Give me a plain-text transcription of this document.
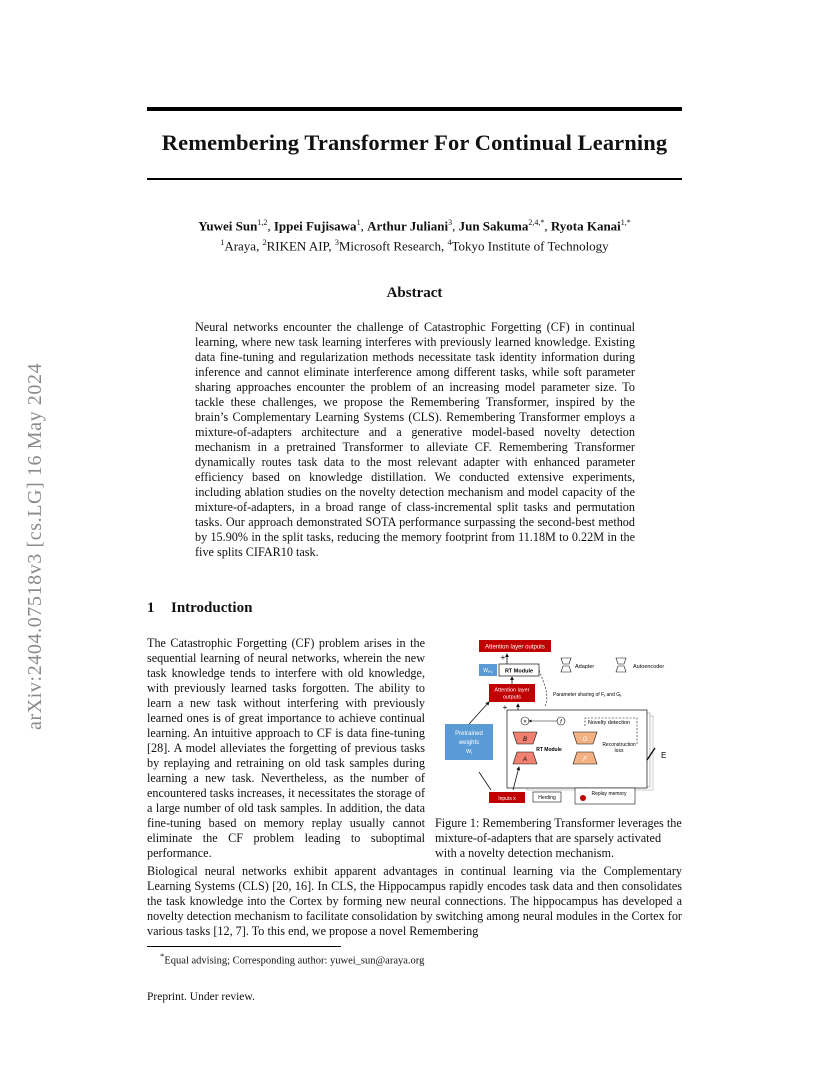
arXiv:2404.07518v3 [cs.LG] 16 May 2024
Remembering Transformer For Continual Learning
Yuwei Sun$^{1,2}$, Ippei Fujisawa$^1$, Arthur Juliani$^3$, Jun Sakuma$^{2,4,*}$, Ryota Kanai$^{1,*}$
$^1$Araya, $^2$RIKEN AIP, $^3$Microsoft Research, $^4$Tokyo Institute of Technology
Abstract
Neural networks encounter the challenge of Catastrophic Forgetting (CF) in continual learning, where new task learning interferes with previously learned knowledge. Existing data fine-tuning and regularization methods necessitate task identity information during inference and cannot eliminate interference among different tasks, while soft parameter sharing approaches encounter the problem of an increasing model parameter size. To tackle these challenges, we propose the Remembering Transformer, inspired by the brain’s Complementary Learning Systems (CLS). Remembering Transformer employs a mixture-of-adapters architecture and a generative model-based novelty detection mechanism in a pretrained Transformer to alleviate CF. Remembering Transformer dynamically routes task data to the most relevant adapter with enhanced parameter efficiency based on knowledge distillation. We conducted extensive experiments, including ablation studies on the novelty detection mechanism and model capacity of the mixture-of-adapters, in a broad range of class-incremental split tasks and permutation tasks. Our approach demonstrated SOTA performance surpassing the second-best method by 15.90% in the split tasks, reducing the memory footprint from 11.18M to 0.22M in the five splits CIFAR10 task.
1 Introduction
The Catastrophic Forgetting (CF) problem arises in the sequential learning of neural networks, wherein the new task knowledge tends to interfere with old knowledge, with previously learned tasks forgotten. The ability to learn a new task without interfering with previously learned ones is of great importance to achieve continual learning. An intuitive approach to CF is data fine-tuning [28]. A model alleviates the forgetting of previous tasks by replaying and retraining on old task samples during learning a new task. Nevertheless, as the number of encountered tasks increases, it necessitates the storage of a large number of old task samples. In addition, the data fine-tuning based on memory replay usually cannot eliminate the CF problem leading to suboptimal performance.
Attention layer outputs
+
$W_{l+1}$ RT Module
Attention layer
outputs
+
Adapter	Autoencoder
Parameter sharing of $F_t$ and $G_t$
Pretrained
weights
Wl
×	f
B
A
RT Module
G
F
Novelty detection
Reconstruction
loss	E
Inputs x	Herding
Replay memory
Figure 1: Remembering Transformer leverages the mixture-of-adapters that are sparsely activated with a novelty detection mechanism.
Biological neural networks exhibit apparent advantages in continual learning via the Complementary Learning Systems (CLS) [20, 16]. In CLS, the Hippocampus rapidly encodes task data and then consolidates the task knowledge into the Cortex by forming new neural connections. The hippocampus has developed a novelty detection mechanism to facilitate consolidation by switching among neural modules in the Cortex for various tasks [12, 7]. To this end, we propose a novel Remembering
*Equal advising; Corresponding author: yuwei_sun@araya.org
Preprint. Under review.
